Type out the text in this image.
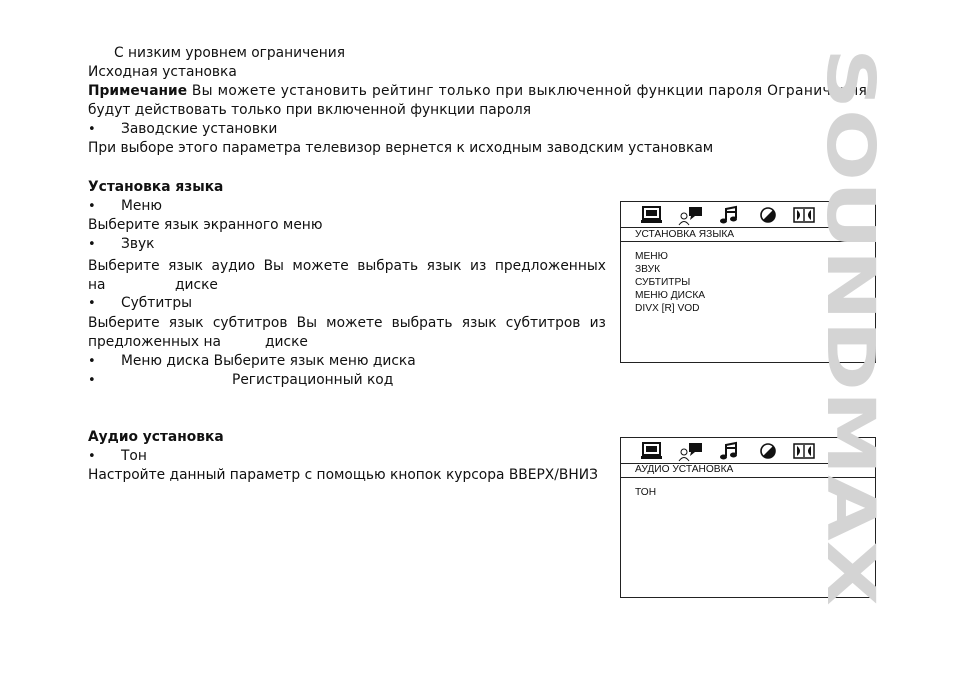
С низким уровнем ограничения
Исходная установка
Примечание Вы можете установить рейтинг только при выключенной функции пароля Ограничения
будут действовать только при включенной функции пароля
• Заводские установки
При выборе этого параметра телевизор вернется к исходным заводским установкам
Установка языка
• Меню
Выберите язык экранного меню
• Звук
Выберите язык аудио Вы можете выбрать язык из предложенных
на	диске
• Субтитры
Выберите язык субтитров Вы можете выбрать язык субтитров из
предложенных на	диске
• Меню диска Выберите язык меню диска
•	Регистрационный код
Аудио установка
• Тон
Настройте данный параметр с помощью кнопок курсора ВВЕРХ/ВНИЗ
УСТАНОВКА ЯЗЫКА
МЕНЮ
ЗВУК
СУБТИТРЫ
МЕНЮ ДИСКА
DIVX [R] VOD
АУДИО УСТАНОВКА
ТОН
SOUNDMAX
